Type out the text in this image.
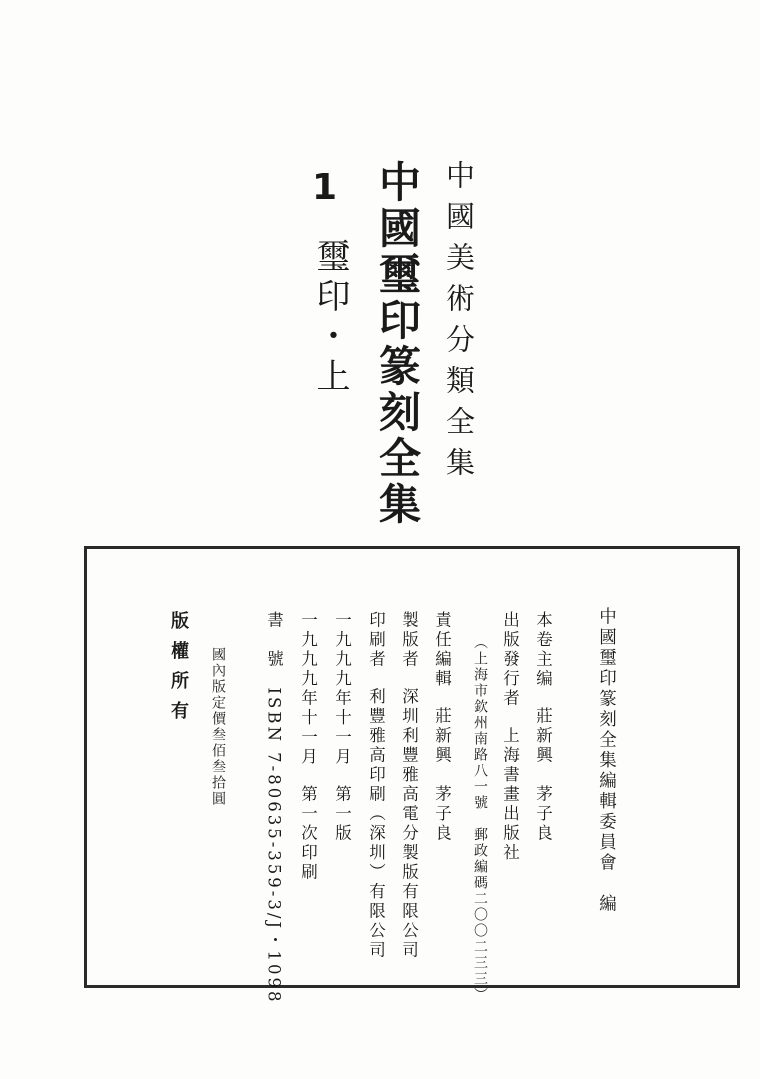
中國美術分類全集
中國璽印篆刻全集
1
璽印・上
中國璽印篆刻全集編輯委員會　編
本卷主编莊新興　茅子良
出版發行者上海書畫出版社
（上海市欽州南路八一號　郵政編碼二〇〇二三三）
責任編輯莊新興　茅子良
製版者深圳利豐雅高電分製版有限公司
印刷者利豐雅高印刷（深圳）有限公司
一九九九年十一月第一版
一九九九年十一月第一次印刷
書　號ISBN 7-80635-359-3/J・1098
國內版定價叁佰叁拾圓
版權所有
